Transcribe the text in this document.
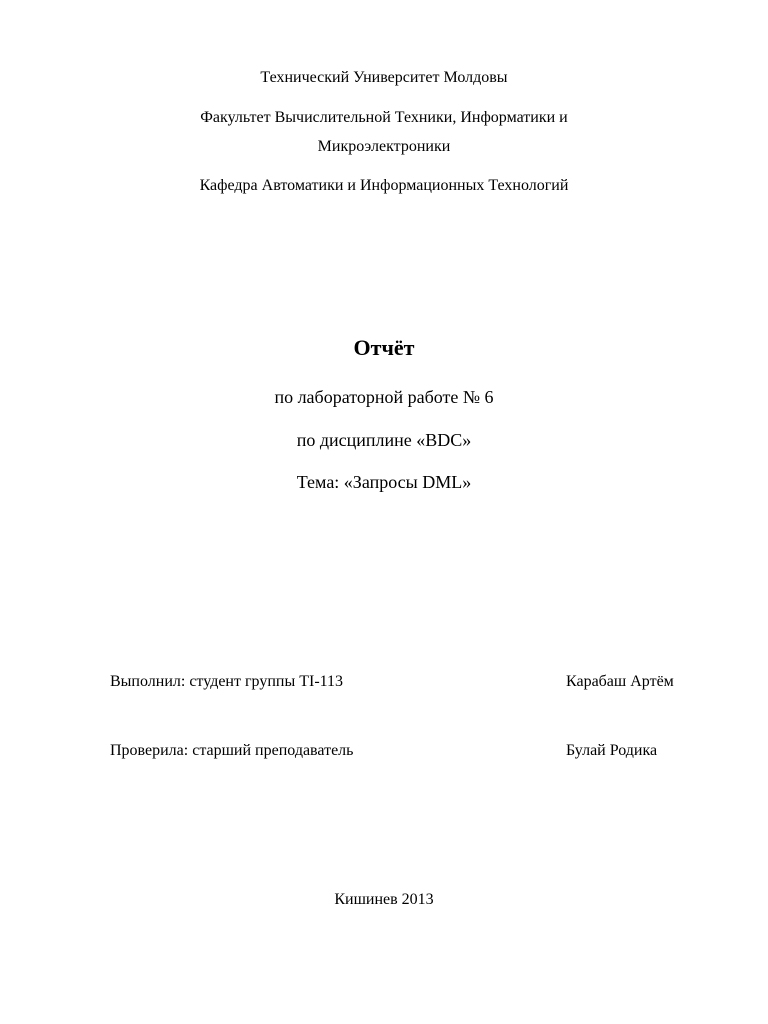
Технический Университет Молдовы
Факультет Вычислительной Техники, Информатики и
Микроэлектроники
Кафедра Автоматики и Информационных Технологий
Отчёт
по лабораторной работе № 6
по дисциплине «BDC»
Тема: «Запросы DML»
Выполнил: студент группы TI-113	Карабаш Артём
Проверила: старший преподаватель	Булай Родика
Кишинев 2013
